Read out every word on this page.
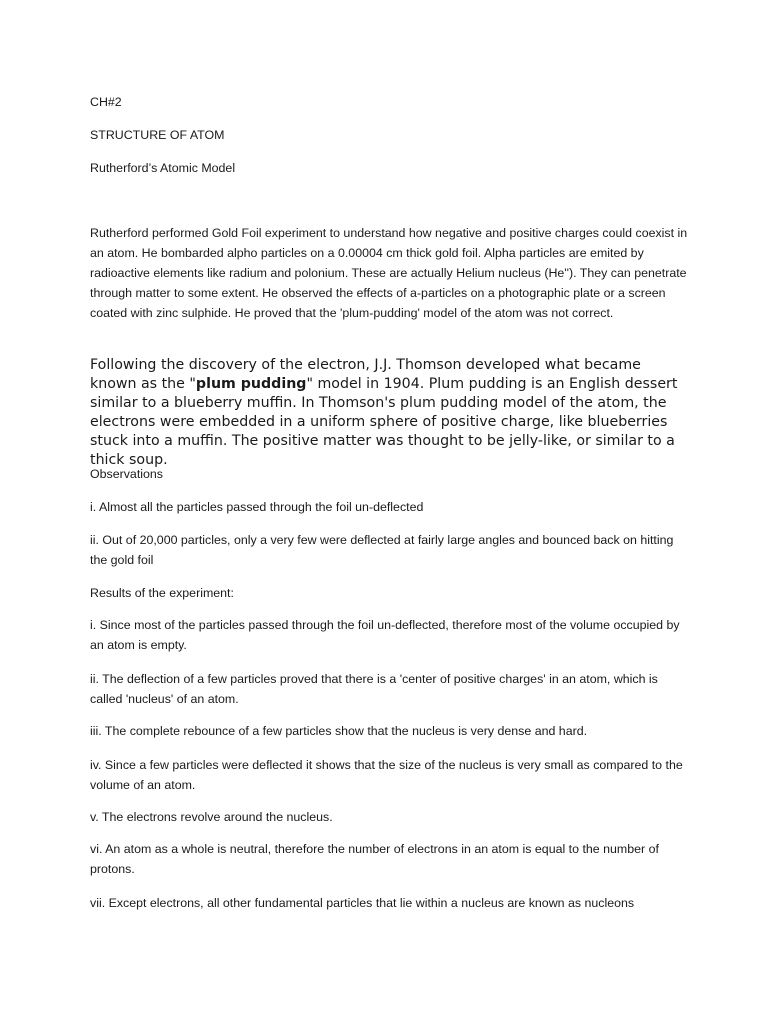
CH#2

STRUCTURE OF ATOM

Rutherford’s Atomic Model

Rutherford performed Gold Foil experiment to understand how negative and positive charges could coexist in an atom. He bombarded alpho particles on a 0.00004 cm thick gold foil. Alpha particles are emited by radioactive elements like radium and polonium. These are actually Helium nucleus (He''). They can penetrate through matter to some extent. He observed the effects of a-particles on a photographic plate or a screen coated with zinc sulphide. He proved that the 'plum-pudding' model of the atom was not correct.

Following the discovery of the electron, J.J. Thomson developed what became known as the "plum pudding" model in 1904. Plum pudding is an English dessert similar to a blueberry muffin. In Thomson's plum pudding model of the atom, the electrons were embedded in a uniform sphere of positive charge, like blueberries stuck into a muffin. The positive matter was thought to be jelly-like, or similar to a thick soup.

Observations

i. Almost all the particles passed through the foil un-deflected

ii. Out of 20,000 particles, only a very few were deflected at fairly large angles and bounced back on hitting the gold foil

Results of the experiment:

i. Since most of the particles passed through the foil un-deflected, therefore most of the volume occupied by an atom is empty.

ii. The deflection of a few particles proved that there is a 'center of positive charges' in an atom, which is called 'nucleus' of an atom.

iii. The complete rebounce of a few particles show that the nucleus is very dense and hard.

iv. Since a few particles were deflected it shows that the size of the nucleus is very small as compared to the volume of an atom.

v. The electrons revolve around the nucleus.

vi. An atom as a whole is neutral, therefore the number of electrons in an atom is equal to the number of protons.

vii. Except electrons, all other fundamental particles that lie within a nucleus are known as nucleons
